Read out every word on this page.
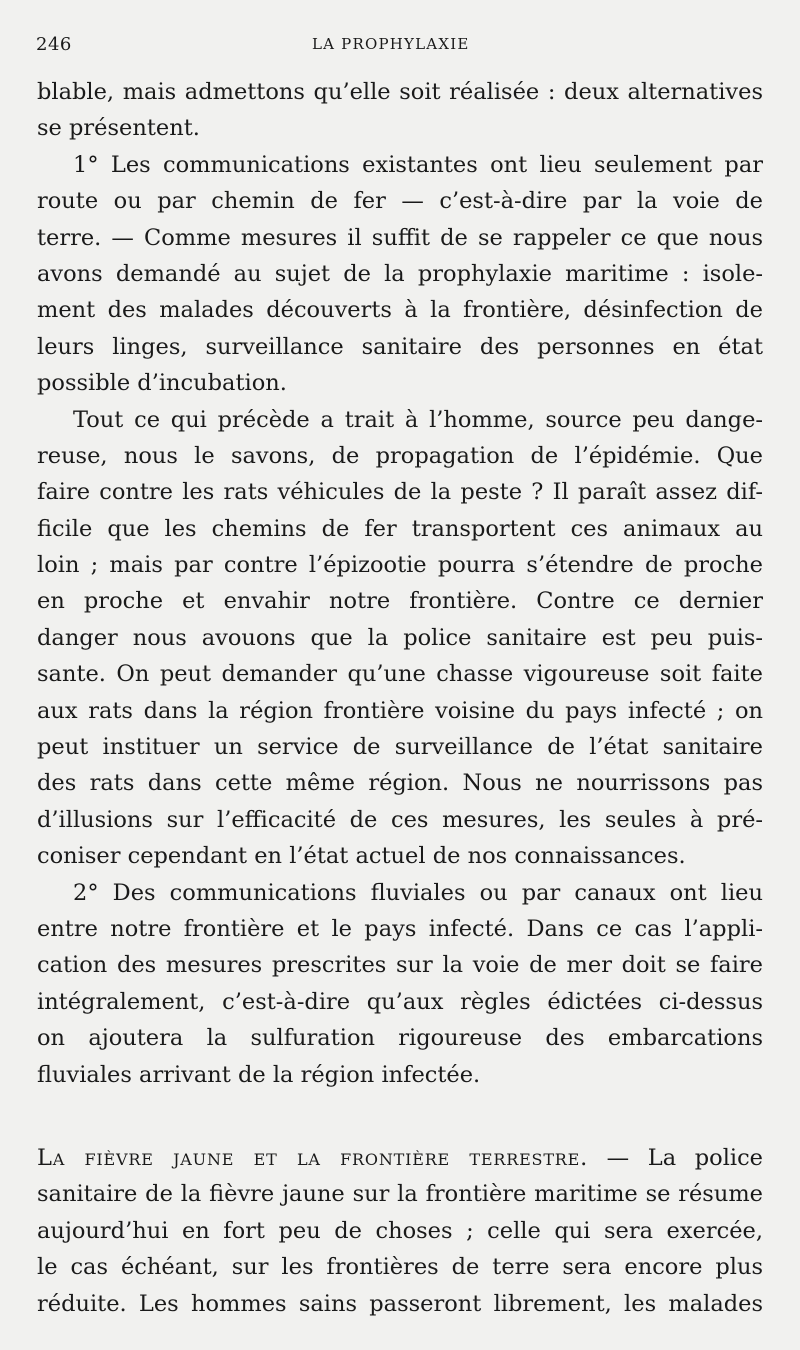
246	LA PROPHYLAXIE
blable, mais admettons qu’elle soit réalisée : deux alternatives
se présentent.
1° Les communications existantes ont lieu seulement par
route ou par chemin de fer — c’est-à-dire par la voie de
terre. — Comme mesures il suffit de se rappeler ce que nous
avons demandé au sujet de la prophylaxie maritime : isole-
ment des malades découverts à la frontière, désinfection de
leurs linges, surveillance sanitaire des personnes en état
possible d’incubation.
Tout ce qui précède a trait à l’homme, source peu dange-
reuse, nous le savons, de propagation de l’épidémie. Que
faire contre les rats véhicules de la peste ? Il paraît assez dif-
ficile que les chemins de fer transportent ces animaux au
loin ; mais par contre l’épizootie pourra s’étendre de proche
en proche et envahir notre frontière. Contre ce dernier
danger nous avouons que la police sanitaire est peu puis-
sante. On peut demander qu’une chasse vigoureuse soit faite
aux rats dans la région frontière voisine du pays infecté ; on
peut instituer un service de surveillance de l’état sanitaire
des rats dans cette même région. Nous ne nourrissons pas
d’illusions sur l’efficacité de ces mesures, les seules à pré-
coniser cependant en l’état actuel de nos connaissances.
2° Des communications fluviales ou par canaux ont lieu
entre notre frontière et le pays infecté. Dans ce cas l’appli-
cation des mesures prescrites sur la voie de mer doit se faire
intégralement, c’est-à-dire qu’aux règles édictées ci-dessus
on ajoutera la sulfuration rigoureuse des embarcations
fluviales arrivant de la région infectée.
La fièvre jaune et la frontière terrestre. — La police
sanitaire de la fièvre jaune sur la frontière maritime se résume
aujourd’hui en fort peu de choses ; celle qui sera exercée,
le cas échéant, sur les frontières de terre sera encore plus
réduite. Les hommes sains passeront librement, les malades
